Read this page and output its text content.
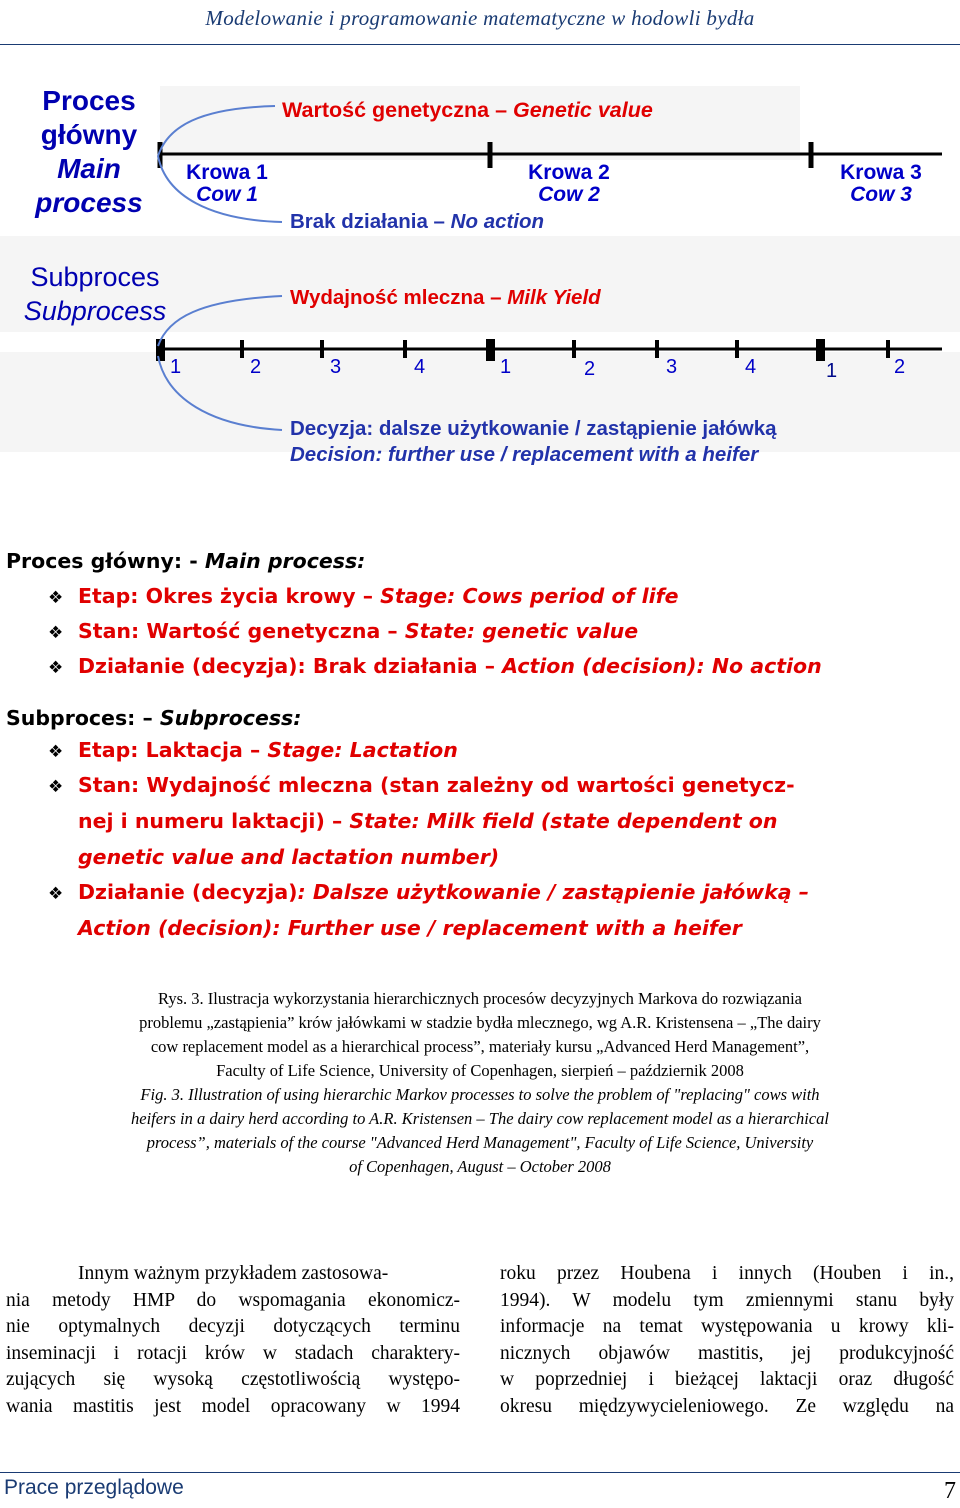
Modelowanie i programowanie matematyczne w hodowli bydła
Wartość genetyczna – Genetic value
Krowa 1
Cow 1
Krowa 2
Cow 2
Krowa 3
Cow 3
Brak działania – No action
Wydajność mleczna – Milk Yield
1	2	3	4	1	2	3	4	1	2
Decyzja: dalsze użytkowanie / zastąpienie jałówką
Decision: further use / replacement with a heifer
Proces
główny
Main
process
Subproces
Subprocess
Proces główny: - Main process:
❖ Etap: Okres życia krowy – Stage: Cows period of life
❖ Stan: Wartość genetyczna – State: genetic value
❖ Działanie (decyzja): Brak działania – Action (decision): No action
Subproces: – Subprocess:
❖ Etap: Laktacja – Stage: Lactation
❖ Stan: Wydajność mleczna (stan zależny od wartości genetycz-
nej i numeru laktacji) – State: Milk field (state dependent on
genetic value and lactation number)
❖ Działanie (decyzja): Dalsze użytkowanie / zastąpienie jałówką –
Action (decision): Further use / replacement with a heifer
Rys. 3. Ilustracja wykorzystania hierarchicznych procesów decyzyjnych Markova do rozwiązania
problemu „zastąpienia” krów jałówkami w stadzie bydła mlecznego, wg A.R. Kristensena – „The dairy
cow replacement model as a hierarchical process”, materiały kursu „Advanced Herd Management”,
Faculty of Life Science, University of Copenhagen, sierpień – październik 2008
Fig. 3. Illustration of using hierarchic Markov processes to solve the problem of "replacing" cows with
heifers in a dairy herd according to A.R. Kristensen – The dairy cow replacement model as a hierarchical
process”, materials of the course "Advanced Herd Management", Faculty of Life Science, University
of Copenhagen, August – October 2008
Innym ważnym przykładem zastosowa-
nia metody HMP do wspomagania ekonomicz-
nie optymalnych decyzji dotyczących terminu
inseminacji i rotacji krów w stadach charaktery-
zujących się wysoką częstotliwością występo-
wania mastitis jest model opracowany w 1994
roku przez Houbena i innych (Houben i in.,
1994). W modelu tym zmiennymi stanu były
informacje na temat występowania u krowy kli-
nicznych objawów mastitis, jej produkcyjność
w poprzedniej i bieżącej laktacji oraz długość
okresu międzywycieleniowego. Ze względu na
Prace przeglądowe	7
